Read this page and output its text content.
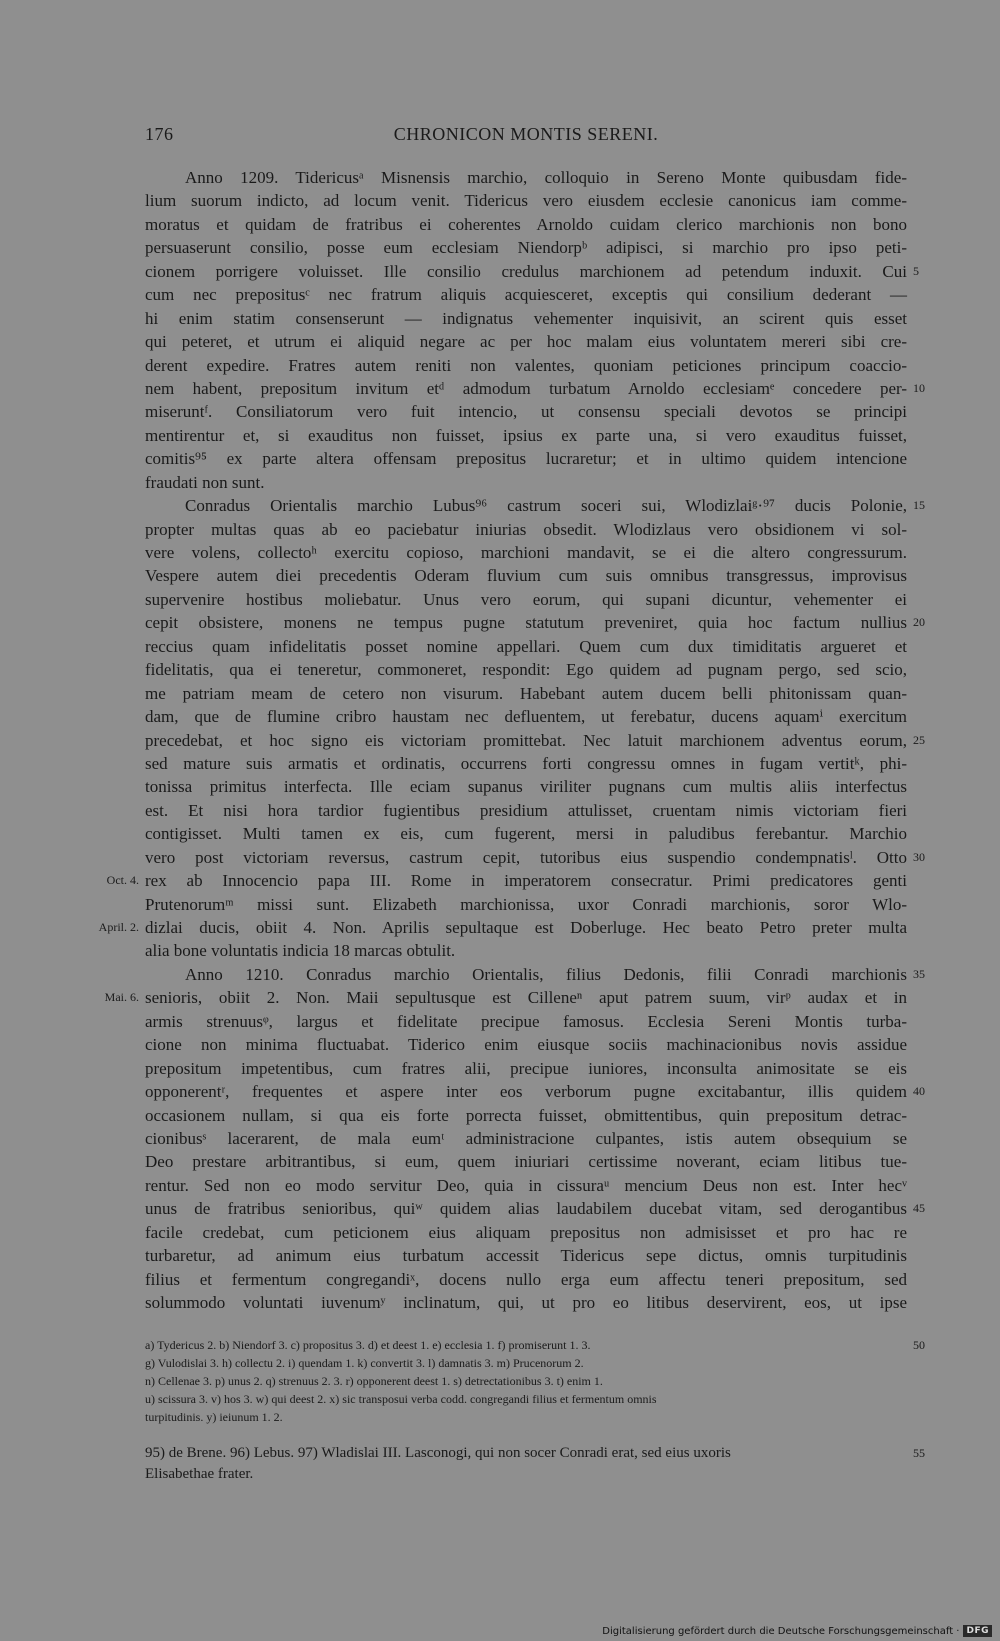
176	CHRONICON MONTIS SERENI.
Anno 1209. Tidericusᵃ Misnensis marchio, colloquio in Sereno Monte quibusdam fide-
lium suorum indicto, ad locum venit. Tidericus vero eiusdem ecclesie canonicus iam comme-
moratus et quidam de fratribus ei coherentes Arnoldo cuidam clerico marchionis non bono
persuaserunt consilio, posse eum ecclesiam Niendorpᵇ adipisci, si marchio pro ipso peti-
cionem porrigere voluisset. Ille consilio credulus marchionem ad petendum induxit. Cui 5
cum nec prepositusᶜ nec fratrum aliquis acquiesceret, exceptis qui consilium dederant —
hi enim statim consenserunt — indignatus vehementer inquisivit, an scirent quis esset
qui peteret, et utrum ei aliquid negare ac per hoc malam eius voluntatem mereri sibi cre-
derent expedire. Fratres autem reniti non valentes, quoniam peticiones principum coaccio-
nem habent, prepositum invitum etᵈ admodum turbatum Arnoldo ecclesiamᵉ concedere per- 10
miseruntᶠ. Consiliatorum vero fuit intencio, ut consensu speciali devotos se principi
mentirentur et, si exauditus non fuisset, ipsius ex parte una, si vero exauditus fuisset,
comitis⁹⁵ ex parte altera offensam prepositus lucraretur; et in ultimo quidem intencione
fraudati non sunt.
Conradus Orientalis marchio Lubus⁹⁶ castrum soceri sui, Wlodizlaiᵍ·⁹⁷ ducis Polonie, 15
propter multas quas ab eo paciebatur iniurias obsedit. Wlodizlaus vero obsidionem vi sol-
vere volens, collectoʰ exercitu copioso, marchioni mandavit, se ei die altero congressurum.
Vespere autem diei precedentis Oderam fluvium cum suis omnibus transgressus, improvisus
supervenire hostibus moliebatur. Unus vero eorum, qui supani dicuntur, vehementer ei
cepit obsistere, monens ne tempus pugne statutum preveniret, quia hoc factum nullius 20
reccius quam infidelitatis posset nomine appellari. Quem cum dux timiditatis argueret et
fidelitatis, qua ei teneretur, commoneret, respondit: Ego quidem ad pugnam pergo, sed scio,
me patriam meam de cetero non visurum. Habebant autem ducem belli phitonissam quan-
dam, que de flumine cribro haustam nec defluentem, ut ferebatur, ducens aquamⁱ exercitum
precedebat, et hoc signo eis victoriam promittebat. Nec latuit marchionem adventus eorum, 25
sed mature suis armatis et ordinatis, occurrens forti congressu omnes in fugam vertitᵏ, phi-
tonissa primitus interfecta. Ille eciam supanus viriliter pugnans cum multis aliis interfectus
est. Et nisi hora tardior fugientibus presidium attulisset, cruentam nimis victoriam fieri
contigisset. Multi tamen ex eis, cum fugerent, mersi in paludibus ferebantur. Marchio
vero post victoriam reversus, castrum cepit, tutoribus eius suspendio condempnatisˡ. Otto 30
rex ab Innocencio papa III. Rome in imperatorem consecratur. Primi predicatores genti
Oct. 4.
Prutenorumᵐ missi sunt. Elizabeth marchionissa, uxor Conradi marchionis, soror Wlo-
dizlai ducis, obiit 4. Non. Aprilis sepultaque est Doberluge. Hec beato Petro preter multa
April. 2.
alia bone voluntatis indicia 18 marcas obtulit.
Anno 1210. Conradus marchio Orientalis, filius Dedonis, filii Conradi marchionis 35
senioris, obiit 2. Non. Maii sepultusque est Cilleneⁿ aput patrem suum, virᵖ audax et in
Mai. 6.
armis strenuusᵠ, largus et fidelitate precipue famosus. Ecclesia Sereni Montis turba-
cione non minima fluctuabat. Tiderico enim eiusque sociis machinacionibus novis assidue
prepositum impetentibus, cum fratres alii, precipue iuniores, inconsulta animositate se eis
opponerentʳ, frequentes et aspere inter eos verborum pugne excitabantur, illis quidem 40
occasionem nullam, si qua eis forte porrecta fuisset, obmittentibus, quin prepositum detrac-
cionibusˢ lacerarent, de mala eumᵗ administracione culpantes, istis autem obsequium se
Deo prestare arbitrantibus, si eum, quem iniuriari certissime noverant, eciam litibus tue-
rentur. Sed non eo modo servitur Deo, quia in cissuraᵘ mencium Deus non est. Inter hecᵛ
unus de fratribus senioribus, quiʷ quidem alias laudabilem ducebat vitam, sed derogantibus 45
facile credebat, cum peticionem eius aliquam prepositus non admisisset et pro hac re
turbaretur, ad animum eius turbatum accessit Tidericus sepe dictus, omnis turpitudinis
filius et fermentum congregandiˣ, docens nullo erga eum affectu teneri prepositum, sed
solummodo voluntati iuvenumʸ inclinatum, qui, ut pro eo litibus deservirent, eos, ut ipse
a) Tydericus 2. b) Niendorf 3. c) propositus 3. d) et deest 1. e) ecclesia 1. f) promiserunt 1. 3.	50
g) Vulodislai 3. h) collectu 2. i) quendam 1. k) convertit 3. l) damnatis 3. m) Prucenorum 2.
n) Cellenae 3. p) unus 2. q) strenuus 2. 3. r) opponerent deest 1. s) detrectationibus 3. t) enim 1.
u) scissura 3. v) hos 3. w) qui deest 2. x) sic transposui verba codd. congregandi filius et fermentum omnis
turpitudinis. y) ieiunum 1. 2.
95) de Brene. 96) Lebus. 97) Wladislai III. Lasconogi, qui non socer Conradi erat, sed eius uxoris	55
Elisabethae frater.
Digitalisierung gefördert durch die Deutsche Forschungsgemeinschaft · DFG
